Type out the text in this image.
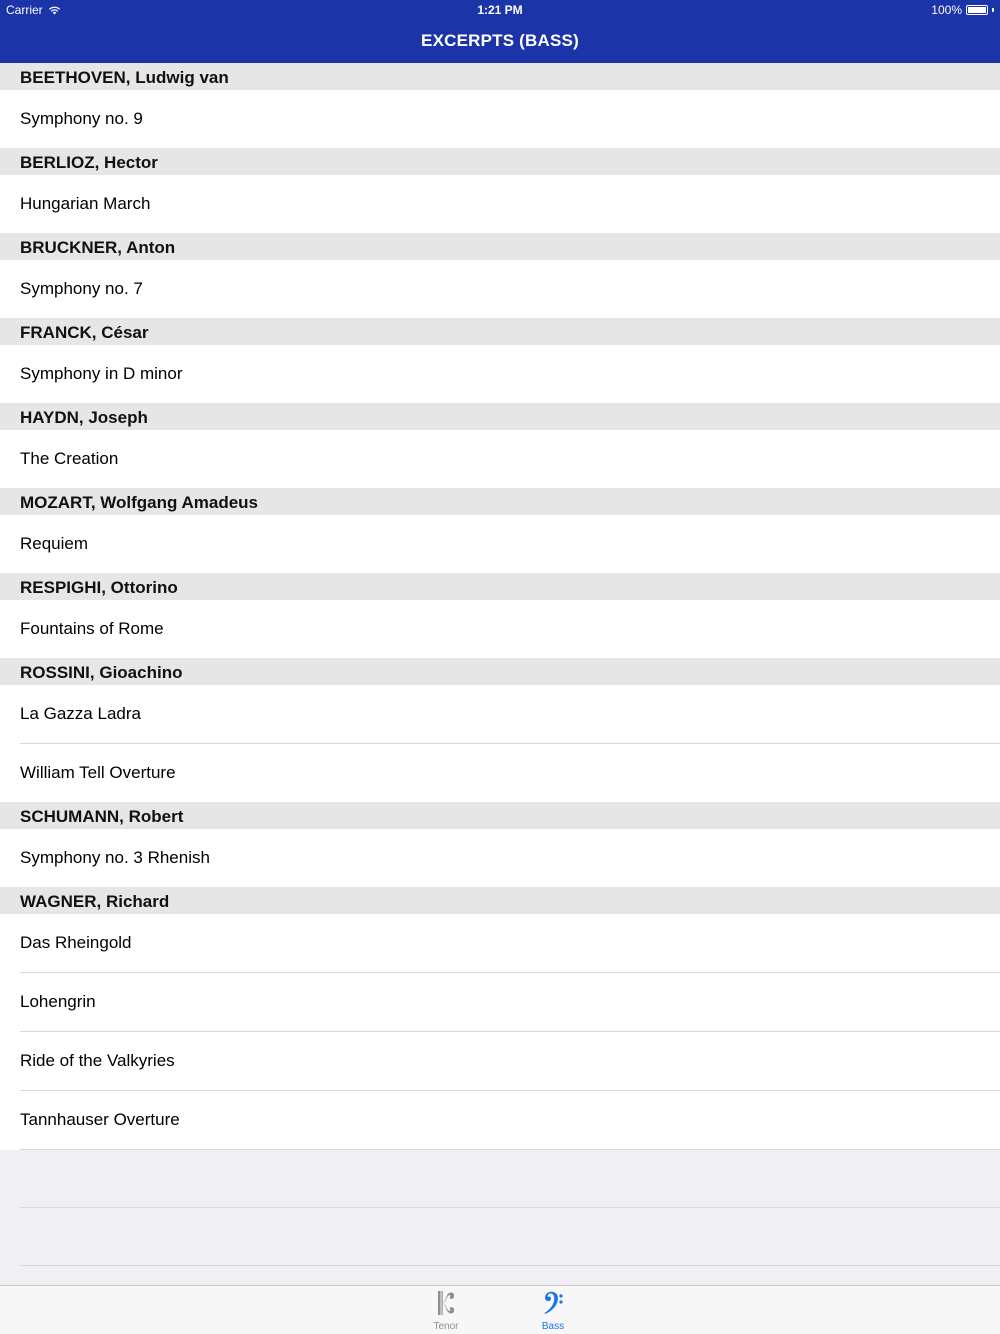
Carrier	1:21 PM	100%
EXCERPTS (BASS)
BEETHOVEN, Ludwig van
Symphony no. 9
BERLIOZ, Hector
Hungarian March
BRUCKNER, Anton
Symphony no. 7
FRANCK, César
Symphony in D minor
HAYDN, Joseph
The Creation
MOZART, Wolfgang Amadeus
Requiem
RESPIGHI, Ottorino
Fountains of Rome
ROSSINI, Gioachino
La Gazza Ladra
William Tell Overture
SCHUMANN, Robert
Symphony no. 3 Rhenish
WAGNER, Richard
Das Rheingold
Lohengrin
Ride of the Valkyries
Tannhauser Overture
Tenor	Bass
